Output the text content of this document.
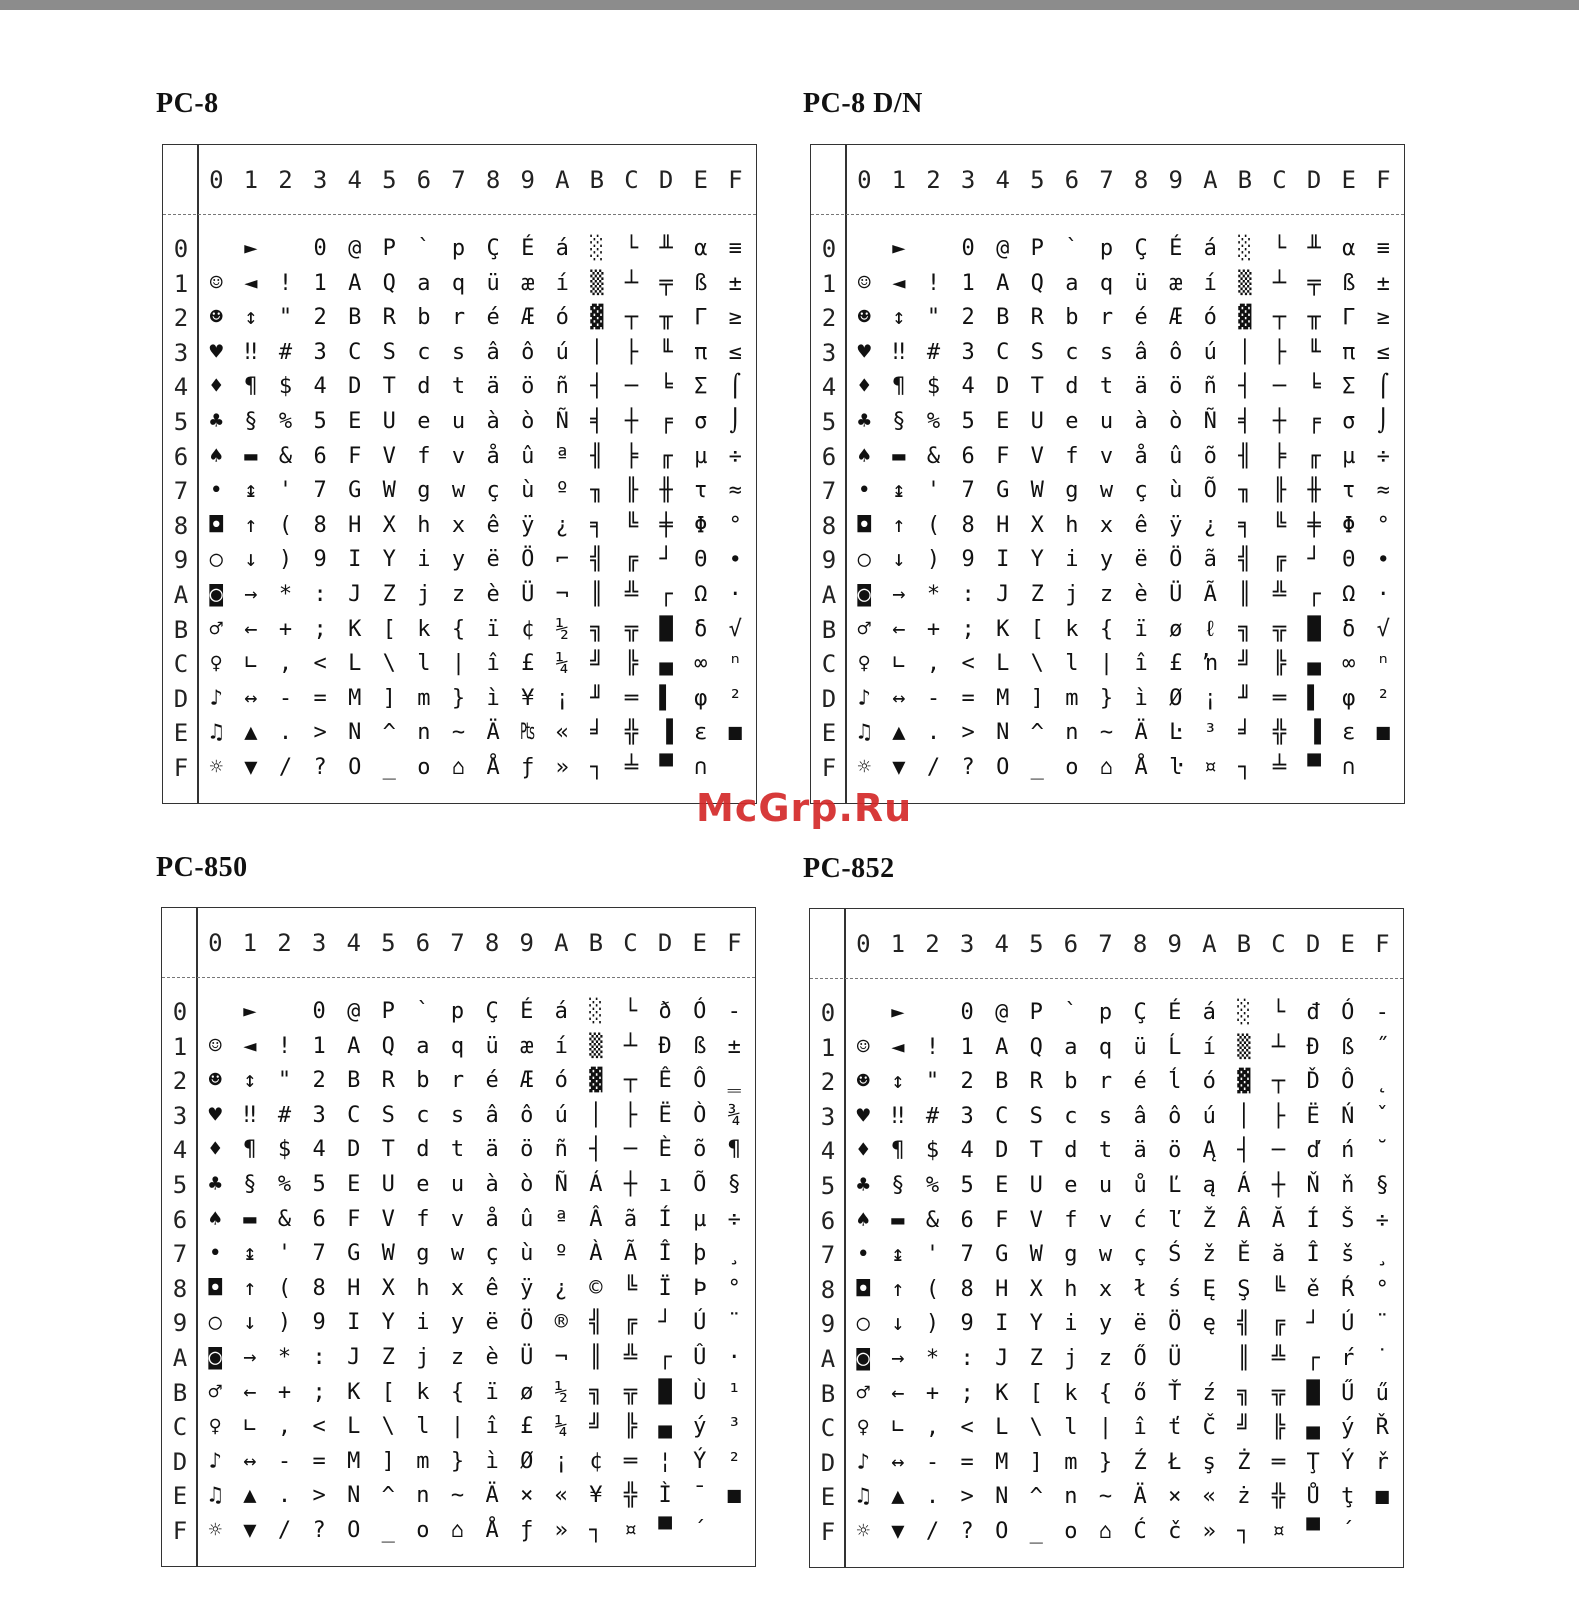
PC-8
0 1 2 3 4 5 6 7 8 9 A B C D E F
0
1
2
3
4
5
6
7
8
9
A
B
C
D
E
F
☺
☻
♥
♦
♣
♠
•
◘
○
◙
♂
♀
♪
♫
☼
►
◄
↕
‼
¶
§
▬
↨
↑
↓
→
←
∟
↔
▲
▼
!
"
#
$
%
&
'
(
)
*
+
,
-
.
/
0
1
2
3
4
5
6
7
8
9
:
;
<
=
>
?
@
A
B
C
D
E
F
G
H
I
J
K
L
M
N
O
P
Q
R
S
T
U
V
W
X
Y
Z
[
\
]
^
_
`
a
b
c
d
e
f
g
h
i
j
k
l
m
n
o
p
q
r
s
t
u
v
w
x
y
z
{
|
}
~
⌂
Ç
ü
é
â
ä
à
å
ç
ê
ë
è
ï
î
ì
Ä
Å
É
æ
Æ
ô
ö
ò
û
ù
ÿ
Ö
Ü
¢
£
¥
₧
ƒ
á
í
ó
ú
ñ
Ñ
ª
º
¿
⌐
¬
½
¼
¡
«
»
░
▒
▓
│
┤
╡
╢
╖
╕
╣
║
╗
╝
╜
╛
┐
└
┴
┬
├
─
┼
╞
╟
╚
╔
╩
╦
╠
═
╬
╧
╨
╤
╥
╙
╘
╒
╓
╫
╪
┘
┌
█
▄
▌
▐
▀
α
ß
Γ
π
Σ
σ
µ
τ
Φ
Θ
Ω
δ
∞
φ
ε
∩
≡
±
≥
≤
⌠
⌡
÷
≈
°
∙
·
√
ⁿ
²
■
PC-8 D/N
0 1 2 3 4 5 6 7 8 9 A B C D E F
0
1
2
3
4
5
6
7
8
9
A
B
C
D
E
F
☺
☻
♥
♦
♣
♠
•
◘
○
◙
♂
♀
♪
♫
☼
►
◄
↕
‼
¶
§
▬
↨
↑
↓
→
←
∟
↔
▲
▼
!
"
#
$
%
&
'
(
)
*
+
,
-
.
/
0
1
2
3
4
5
6
7
8
9
:
;
<
=
>
?
@
A
B
C
D
E
F
G
H
I
J
K
L
M
N
O
P
Q
R
S
T
U
V
W
X
Y
Z
[
\
]
^
_
`
a
b
c
d
e
f
g
h
i
j
k
l
m
n
o
p
q
r
s
t
u
v
w
x
y
z
{
|
}
~
⌂
Ç
ü
é
â
ä
à
å
ç
ê
ë
è
ï
î
ì
Ä
Å
É
æ
Æ
ô
ö
ò
û
ù
ÿ
Ö
Ü
ø
£
Ø
Ŀ
ŀ
á
í
ó
ú
ñ
Ñ
õ
Õ
¿
ã
Ã
ℓ
ŉ
¡
³
¤
░
▒
▓
│
┤
╡
╢
╖
╕
╣
║
╗
╝
╜
╛
┐
└
┴
┬
├
─
┼
╞
╟
╚
╔
╩
╦
╠
═
╬
╧
╨
╤
╥
╙
╘
╒
╓
╫
╪
┘
┌
█
▄
▌
▐
▀
α
ß
Γ
π
Σ
σ
µ
τ
Φ
Θ
Ω
δ
∞
φ
ε
∩
≡
±
≥
≤
⌠
⌡
÷
≈
°
∙
·
√
ⁿ
²
■
PC-850
0 1 2 3 4 5 6 7 8 9 A B C D E F
0
1
2
3
4
5
6
7
8
9
A
B
C
D
E
F
☺
☻
♥
♦
♣
♠
•
◘
○
◙
♂
♀
♪
♫
☼
►
◄
↕
‼
¶
§
▬
↨
↑
↓
→
←
∟
↔
▲
▼
!
"
#
$
%
&
'
(
)
*
+
,
-
.
/
0
1
2
3
4
5
6
7
8
9
:
;
<
=
>
?
@
A
B
C
D
E
F
G
H
I
J
K
L
M
N
O
P
Q
R
S
T
U
V
W
X
Y
Z
[
\
]
^
_
`
a
b
c
d
e
f
g
h
i
j
k
l
m
n
o
p
q
r
s
t
u
v
w
x
y
z
{
|
}
~
⌂
Ç
ü
é
â
ä
à
å
ç
ê
ë
è
ï
î
ì
Ä
Å
É
æ
Æ
ô
ö
ò
û
ù
ÿ
Ö
Ü
ø
£
Ø
×
ƒ
á
í
ó
ú
ñ
Ñ
ª
º
¿
®
¬
½
¼
¡
«
»
░
▒
▓
│
┤
Á
Â
À
©
╣
║
╗
╝
¢
¥
┐
└
┴
┬
├
─
┼
ã
Ã
╚
╔
╩
╦
╠
═
╬
¤
ð
Ð
Ê
Ë
È
ı
Í
Î
Ï
┘
┌
█
▄
¦
Ì
▀
Ó
ß
Ô
Ò
õ
Õ
µ
þ
Þ
Ú
Û
Ù
ý
Ý
¯
´
-
±
‗
¾
¶
§
÷
¸
°
¨
·
¹
³
²
■
PC-852
0 1 2 3 4 5 6 7 8 9 A B C D E F
0
1
2
3
4
5
6
7
8
9
A
B
C
D
E
F
☺
☻
♥
♦
♣
♠
•
◘
○
◙
♂
♀
♪
♫
☼
►
◄
↕
‼
¶
§
▬
↨
↑
↓
→
←
∟
↔
▲
▼
!
"
#
$
%
&
'
(
)
*
+
,
-
.
/
0
1
2
3
4
5
6
7
8
9
:
;
<
=
>
?
@
A
B
C
D
E
F
G
H
I
J
K
L
M
N
O
P
Q
R
S
T
U
V
W
X
Y
Z
[
\
]
^
_
`
a
b
c
d
e
f
g
h
i
j
k
l
m
n
o
p
q
r
s
t
u
v
w
x
y
z
{
|
}
~
⌂
Ç
ü
é
â
ä
ů
ć
ç
ł
ë
Ő
ő
î
Ź
Ä
Ć
É
Ĺ
ĺ
ô
ö
Ľ
ľ
Ś
ś
Ö
Ü
Ť
ť
Ł
×
č
á
í
ó
ú
Ą
ą
Ž
ž
Ę
ę
ź
Č
ş
«
»
░
▒
▓
│
┤
Á
Â
Ě
Ş
╣
║
╗
╝
Ż
ż
┐
└
┴
┬
├
─
┼
Ă
ă
╚
╔
╩
╦
╠
═
╬
¤
đ
Đ
Ď
Ë
ď
Ň
Í
Î
ě
┘
┌
█
▄
Ţ
Ů
▀
Ó
ß
Ô
Ń
ń
ň
Š
š
Ŕ
Ú
ŕ
Ű
ý
Ý
ţ
´
-
˝
˛
ˇ
˘
§
÷
¸
°
¨
˙
ű
Ř
ř
■
McGrp.Ru
